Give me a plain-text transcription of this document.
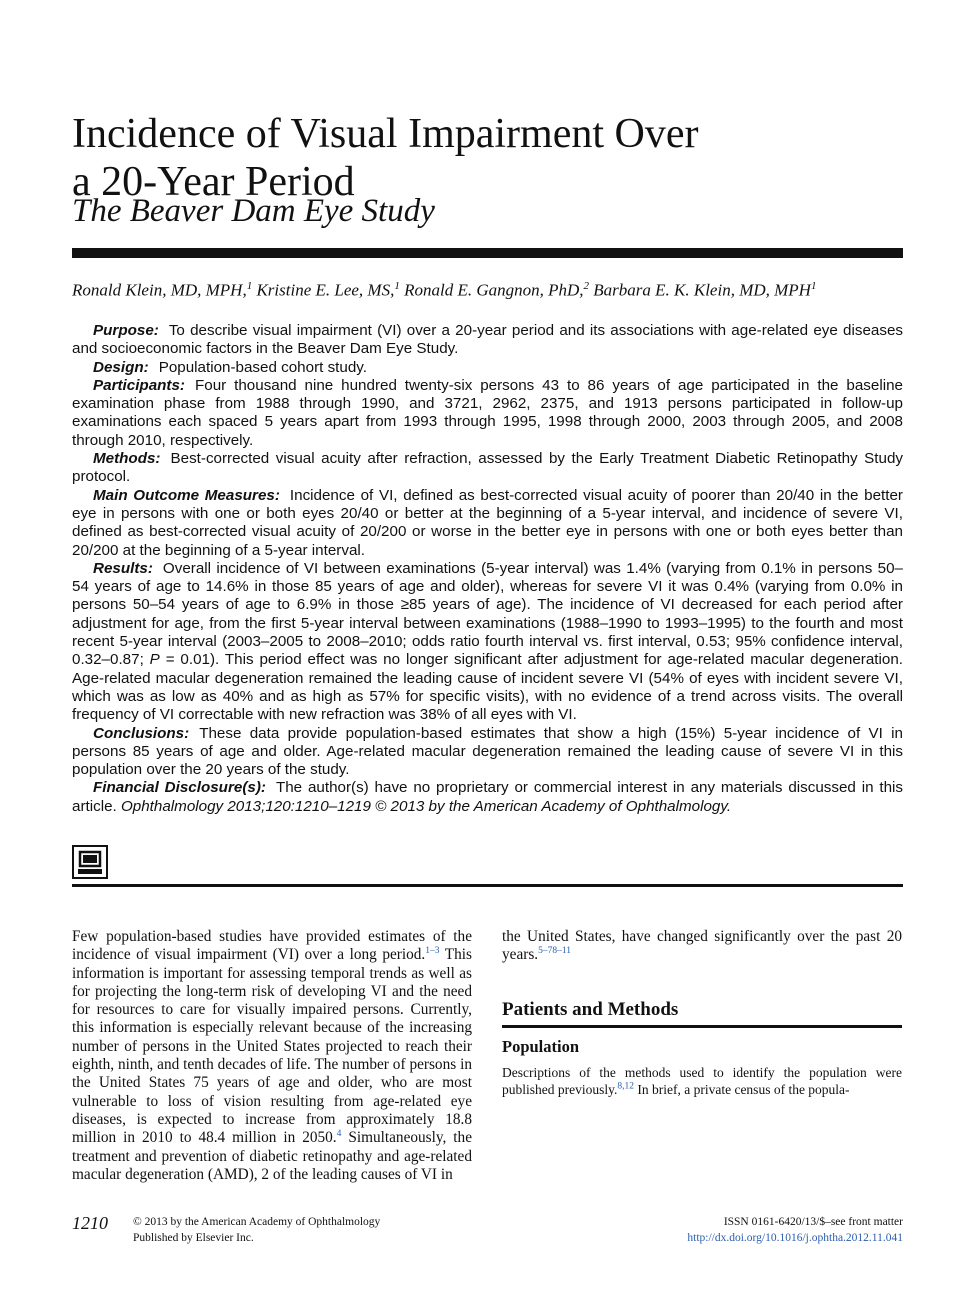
Incidence of Visual Impairment Over
a 20-Year Period
The Beaver Dam Eye Study
Ronald Klein, MD, MPH,$^1$ Kristine E. Lee, MS,$^1$ Ronald E. Gangnon, PhD,$^2$ Barbara E. K. Klein, MD, MPH$^1$

Purpose: To describe visual impairment (VI) over a 20-year period and its associations with age-related eye diseases and socioeconomic factors in the Beaver Dam Eye Study.

Design: Population-based cohort study.

Participants: Four thousand nine hundred twenty-six persons 43 to 86 years of age participated in the baseline examination phase from 1988 through 1990, and 3721, 2962, 2375, and 1913 persons participated in follow-up examinations each spaced 5 years apart from 1993 through 1995, 1998 through 2000, 2003 through 2005, and 2008 through 2010, respectively.

Methods: Best-corrected visual acuity after refraction, assessed by the Early Treatment Diabetic Retinopathy Study protocol.

Main Outcome Measures: Incidence of VI, defined as best-corrected visual acuity of poorer than 20/40 in the better eye in persons with one or both eyes 20/40 or better at the beginning of a 5-year interval, and incidence of severe VI, defined as best-corrected visual acuity of 20/200 or worse in the better eye in persons with one or both eyes better than 20/200 at the beginning of a 5-year interval.

Results: Overall incidence of VI between examinations (5-year interval) was 1.4% (varying from 0.1% in persons 50–54 years of age to 14.6% in those 85 years of age and older), whereas for severe VI it was 0.4% (varying from 0.0% in persons 50–54 years of age to 6.9% in those ≥85 years of age). The incidence of VI decreased for each period after adjustment for age, from the first 5-year interval between examinations (1988–1990 to 1993–1995) to the fourth and most recent 5-year interval (2003–2005 to 2008–2010; odds ratio fourth interval vs. first interval, 0.53; 95% confidence interval, 0.32–0.87; P = 0.01). This period effect was no longer significant after adjustment for age-related macular degeneration. Age-related macular degeneration remained the leading cause of incident severe VI (54% of eyes with incident severe VI, which was as low as 40% and as high as 57% for specific visits), with no evidence of a trend across visits. The overall frequency of VI correctable with new refraction was 38% of all eyes with VI.

Conclusions: These data provide population-based estimates that show a high (15%) 5-year incidence of VI in persons 85 years of age and older. Age-related macular degeneration remained the leading cause of severe VI in this population over the 20 years of the study.

Financial Disclosure(s): The author(s) have no proprietary or commercial interest in any materials discussed in this article. Ophthalmology 2013;120:1210–1219 © 2013 by the American Academy of Ophthalmology.

Few population-based studies have provided estimates of the incidence of visual impairment (VI) over a long period.$^{1-3}$ This information is important for assessing temporal trends as well as for projecting the long-term risk of developing VI and the need for resources to care for visually impaired persons. Currently, this information is especially relevant because of the increasing number of persons in the United States projected to reach their eighth, ninth, and tenth decades of life. The number of persons in the United States 75 years of age and older, who are most vulnerable to loss of vision resulting from age-related eye diseases, is expected to increase from approximately 18.8 million in 2010 to 48.4 million in 2050.$^4$ Simultaneously, the treatment and prevention of diabetic retinopathy and age-related macular degeneration (AMD), 2 of the leading causes of VI in

the United States, have changed significantly over the past 20 years.$^{5-78-11}$

Patients and Methods
Population

Descriptions of the methods used to identify the population were published previously.$^{8,12}$ In brief, a private census of the popula-

1210 © 2013 by the American Academy of Ophthalmology
Published by Elsevier Inc.
ISSN 0161-6420/13/$–see front matter
http://dx.doi.org/10.1016/j.ophtha.2012.11.041
